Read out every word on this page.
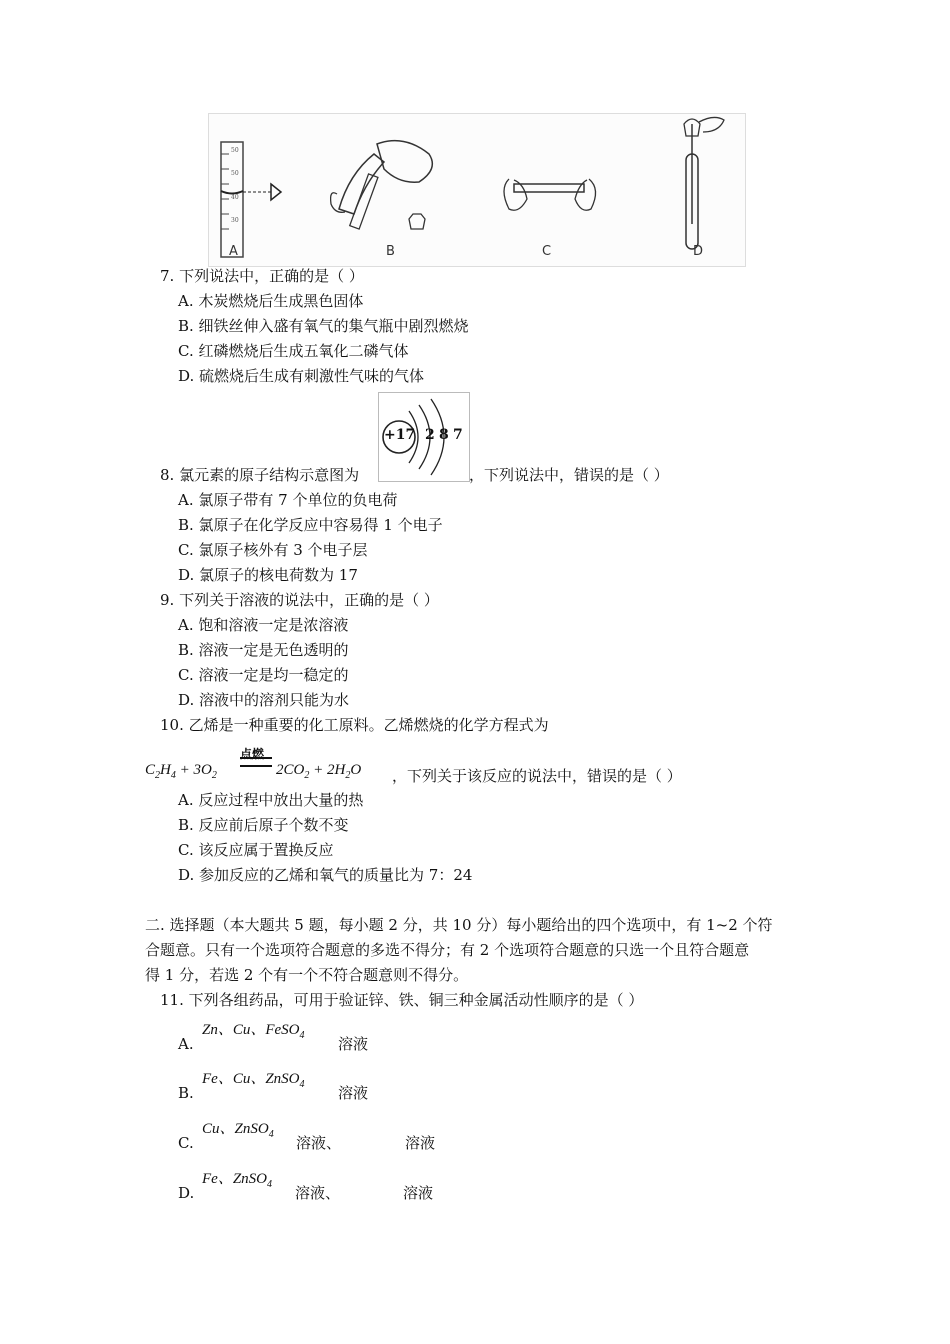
50
50
40
30
A	B	C	D
7. 下列说法中，正确的是（ ）
A. 木炭燃烧后生成黑色固体
B. 细铁丝伸入盛有氧气的集气瓶中剧烈燃烧
C. 红磷燃烧后生成五氧化二磷气体
D. 硫燃烧后生成有刺激性气味的气体
+17 2 8 7
8. 氯元素的原子结构示意图为	，下列说法中，错误的是（ ）
A. 氯原子带有 7 个单位的负电荷
B. 氯原子在化学反应中容易得 1 个电子
C. 氯原子核外有 3 个电子层
D. 氯原子的核电荷数为 17
9. 下列关于溶液的说法中，正确的是（ ）
A. 饱和溶液一定是浓溶液
B. 溶液一定是无色透明的
C. 溶液一定是均一稳定的
D. 溶液中的溶剂只能为水
10. 乙烯是一种重要的化工原料。乙烯燃烧的化学方程式为
$C_2H_4 + 3O_2$
点燃
$2CO_2 + 2H_2O$ ，下列关于该反应的说法中，错误的是（ ）
A. 反应过程中放出大量的热
B. 反应前后原子个数不变
C. 该反应属于置换反应
D. 参加反应的乙烯和氧气的质量比为 7：24
二. 选择题（本大题共 5 题，每小题 2 分，共 10 分）每小题给出的四个选项中，有 1~2 个符
合题意。只有一个选项符合题意的多选不得分；有 2 个选项符合题意的只选一个且符合题意
得 1 分，若选 2 个有一个不符合题意则不得分。
11. 下列各组药品，可用于验证锌、铁、铜三种金属活动性顺序的是（ ）
A.
Zn、Cu、FeSO$_4$ 溶液
B.
Fe、Cu、ZnSO$_4$ 溶液
C.
Cu、ZnSO$_4$ 溶液、	溶液
D.
Fe、ZnSO$_4$ 溶液、	溶液
